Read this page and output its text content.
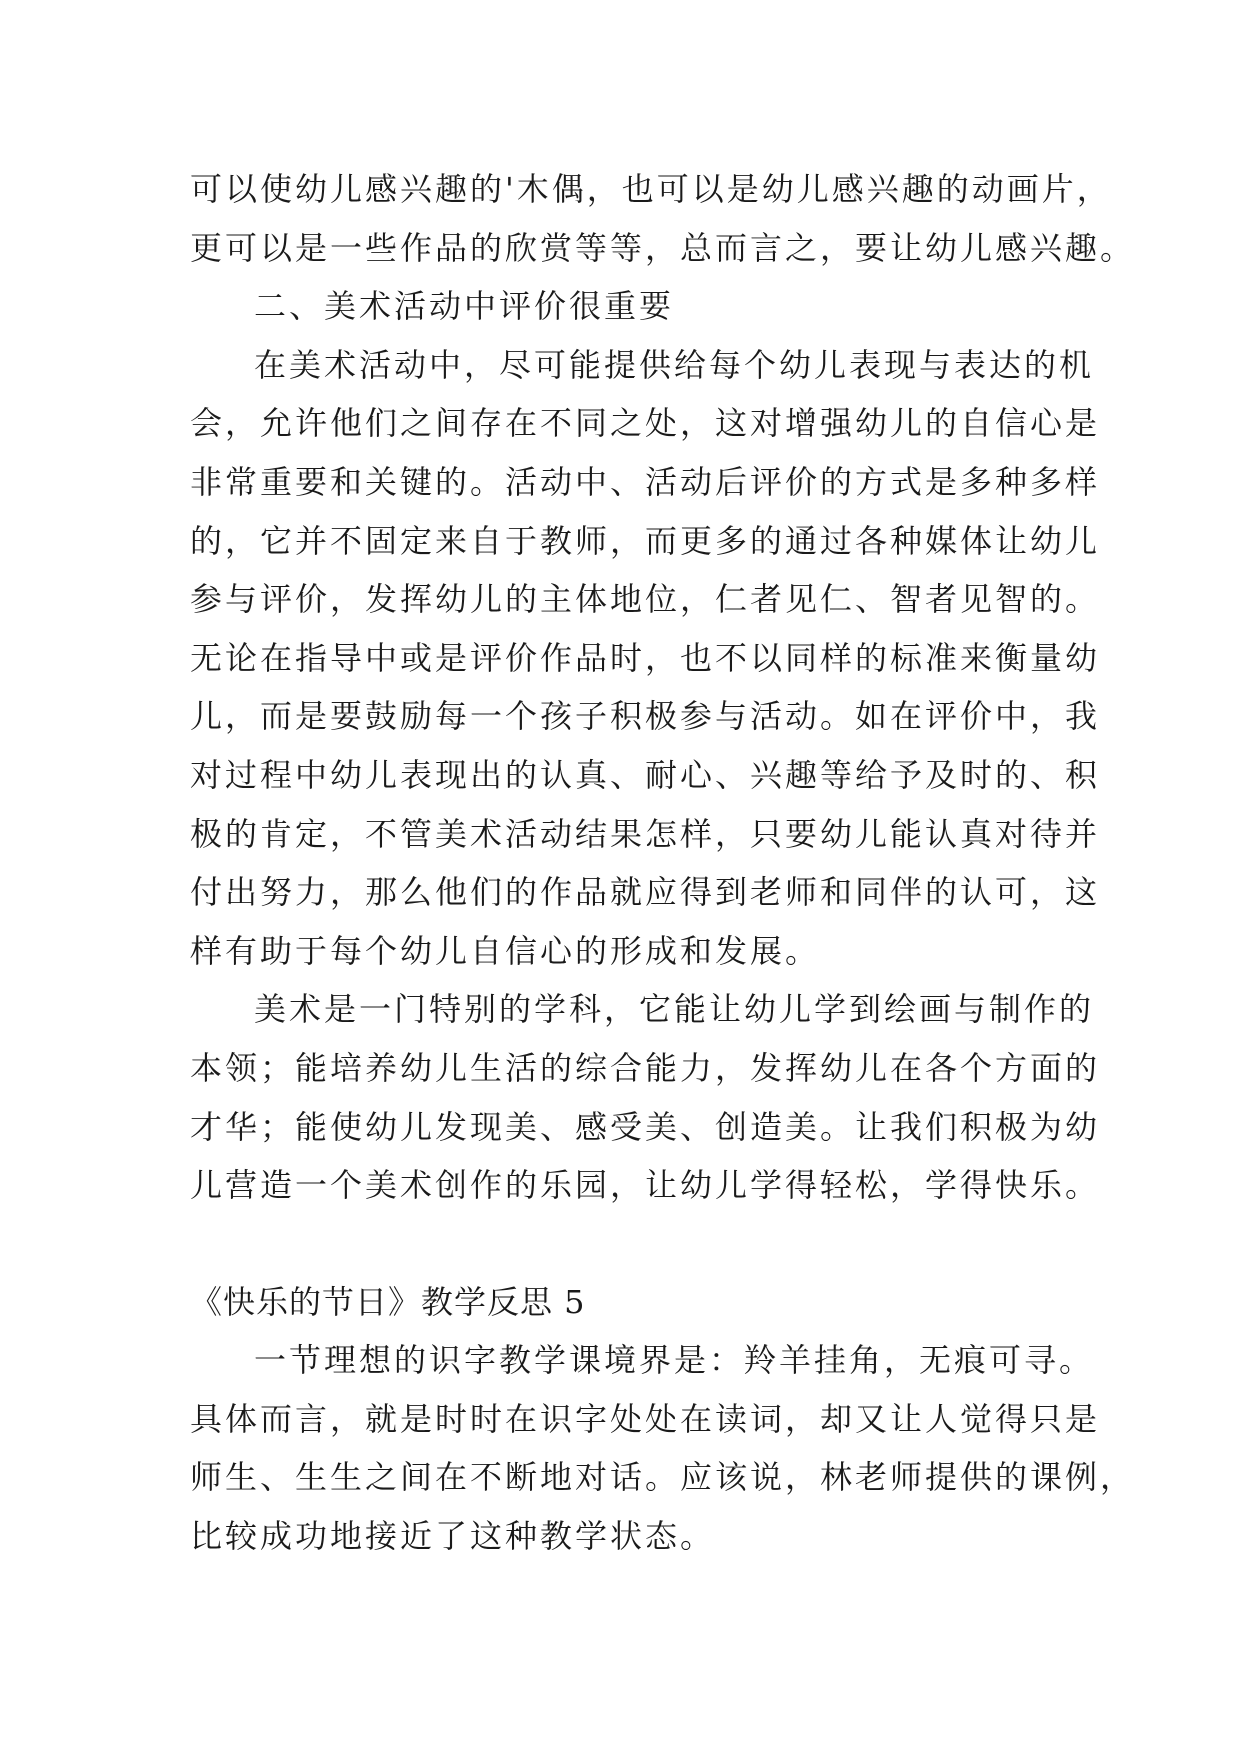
可以使幼儿感兴趣的'木偶，也可以是幼儿感兴趣的动画片，
更可以是一些作品的欣赏等等，总而言之，要让幼儿感兴趣。
二、美术活动中评价很重要
在美术活动中，尽可能提供给每个幼儿表现与表达的机
会，允许他们之间存在不同之处，这对增强幼儿的自信心是
非常重要和关键的。活动中、活动后评价的方式是多种多样
的，它并不固定来自于教师，而更多的通过各种媒体让幼儿
参与评价，发挥幼儿的主体地位，仁者见仁、智者见智的。
无论在指导中或是评价作品时，也不以同样的标准来衡量幼
儿，而是要鼓励每一个孩子积极参与活动。如在评价中，我
对过程中幼儿表现出的认真、耐心、兴趣等给予及时的、积
极的肯定，不管美术活动结果怎样，只要幼儿能认真对待并
付出努力，那么他们的作品就应得到老师和同伴的认可，这
样有助于每个幼儿自信心的形成和发展。
美术是一门特别的学科，它能让幼儿学到绘画与制作的
本领；能培养幼儿生活的综合能力，发挥幼儿在各个方面的
才华；能使幼儿发现美、感受美、创造美。让我们积极为幼
儿营造一个美术创作的乐园，让幼儿学得轻松，学得快乐。
《快乐的节日》教学反思 5
一节理想的识字教学课境界是：羚羊挂角，无痕可寻。
具体而言，就是时时在识字处处在读词，却又让人觉得只是
师生、生生之间在不断地对话。应该说，林老师提供的课例，
比较成功地接近了这种教学状态。
